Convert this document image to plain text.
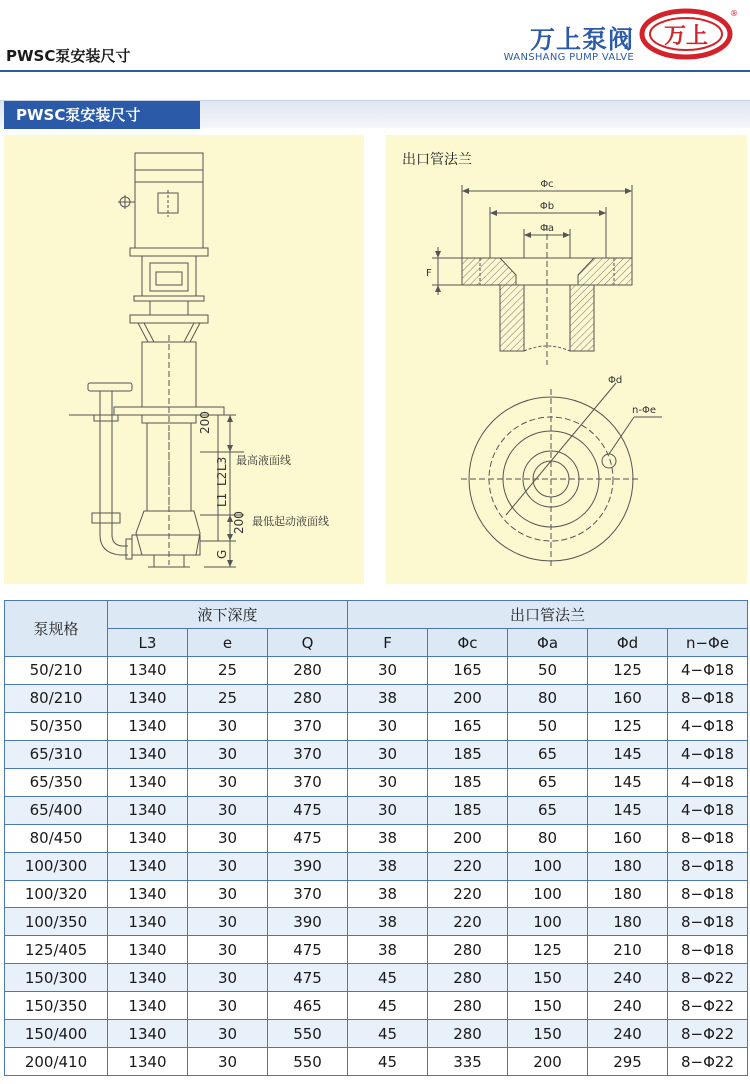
PWSC泵安装尺寸
万上泵阀
WANSHANG PUMP VALVE
万上
®
PWSC泵安装尺寸
200
L3
L1
L2
200
G
最高液面线
最低起动液面线
出口管法兰
Φc
Φb
Φa
F
Φd
n-Φe
泵规格	液下深度			出口管法兰				
	L3	e	Q	F	Φc	Φa	Φd	n−Φe
50/210	1340	25	280	30	165	50	125	4−Φ18
80/210	1340	25	280	38	200	80	160	8−Φ18
50/350	1340	30	370	30	165	50	125	4−Φ18
65/310	1340	30	370	30	185	65	145	4−Φ18
65/350	1340	30	370	30	185	65	145	4−Φ18
65/400	1340	30	475	30	185	65	145	4−Φ18
80/450	1340	30	475	38	200	80	160	8−Φ18
100/300	1340	30	390	38	220	100	180	8−Φ18
100/320	1340	30	370	38	220	100	180	8−Φ18
100/350	1340	30	390	38	220	100	180	8−Φ18
125/405	1340	30	475	38	280	125	210	8−Φ18
150/300	1340	30	475	45	280	150	240	8−Φ22
150/350	1340	30	465	45	280	150	240	8−Φ22
150/400	1340	30	550	45	280	150	240	8−Φ22
200/410	1340	30	550	45	335	200	295	8−Φ22
